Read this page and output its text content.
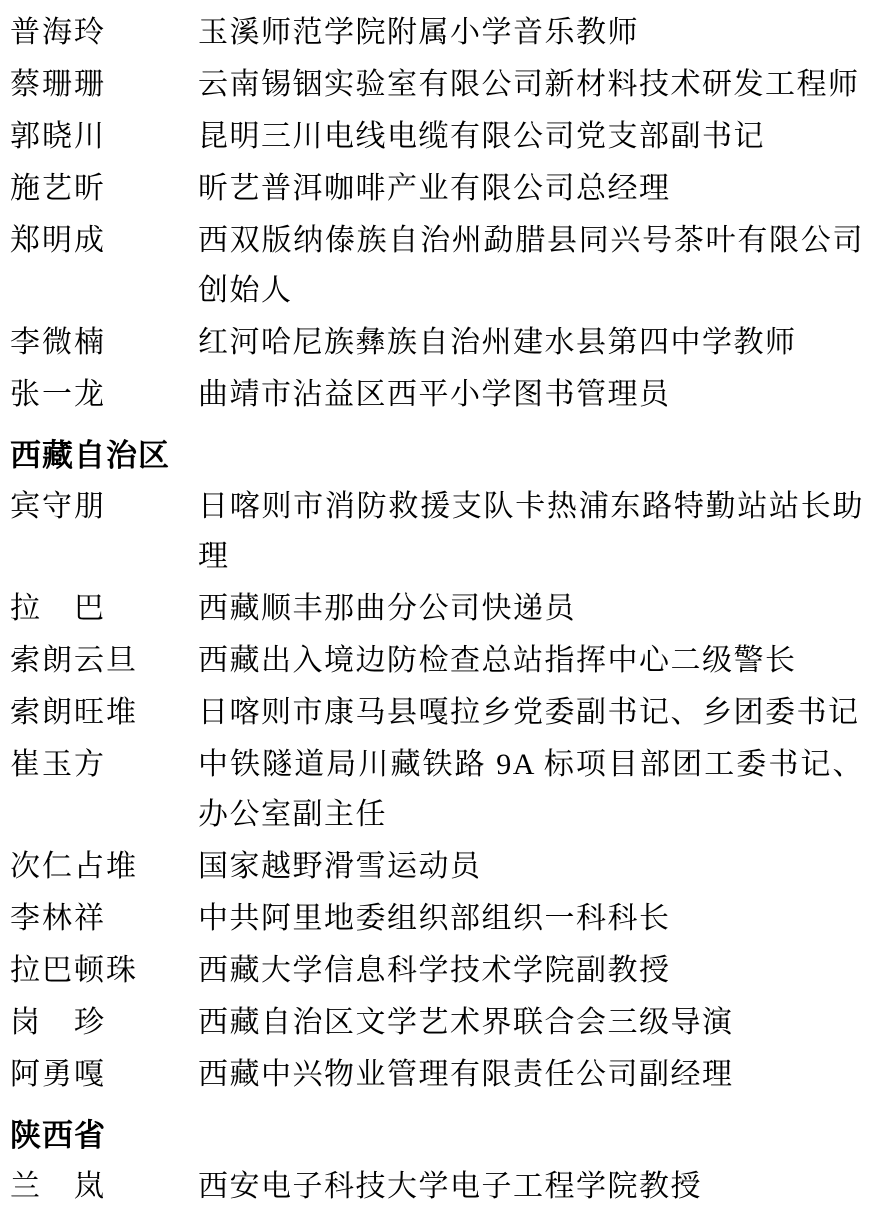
普海玲	玉溪师范学院附属小学音乐教师
蔡珊珊	云南锡铟实验室有限公司新材料技术研发工程师
郭晓川	昆明三川电线电缆有限公司党支部副书记
施艺昕	昕艺普洱咖啡产业有限公司总经理
郑明成	西双版纳傣族自治州勐腊县同兴号茶叶有限公司创始人
李微楠	红河哈尼族彝族自治州建水县第四中学教师
张一龙	曲靖市沾益区西平小学图书管理员
西藏自治区
宾守朋	日喀则市消防救援支队卡热浦东路特勤站站长助理
拉　巴	西藏顺丰那曲分公司快递员
索朗云旦	西藏出入境边防检查总站指挥中心二级警长
索朗旺堆	日喀则市康马县嘎拉乡党委副书记、乡团委书记
崔玉方	中铁隧道局川藏铁路 9A 标项目部团工委书记、办公室副主任
次仁占堆	国家越野滑雪运动员
李林祥	中共阿里地委组织部组织一科科长
拉巴顿珠	西藏大学信息科学技术学院副教授
岗　珍	西藏自治区文学艺术界联合会三级导演
阿勇嘎	西藏中兴物业管理有限责任公司副经理
陕西省
兰　岚	西安电子科技大学电子工程学院教授
